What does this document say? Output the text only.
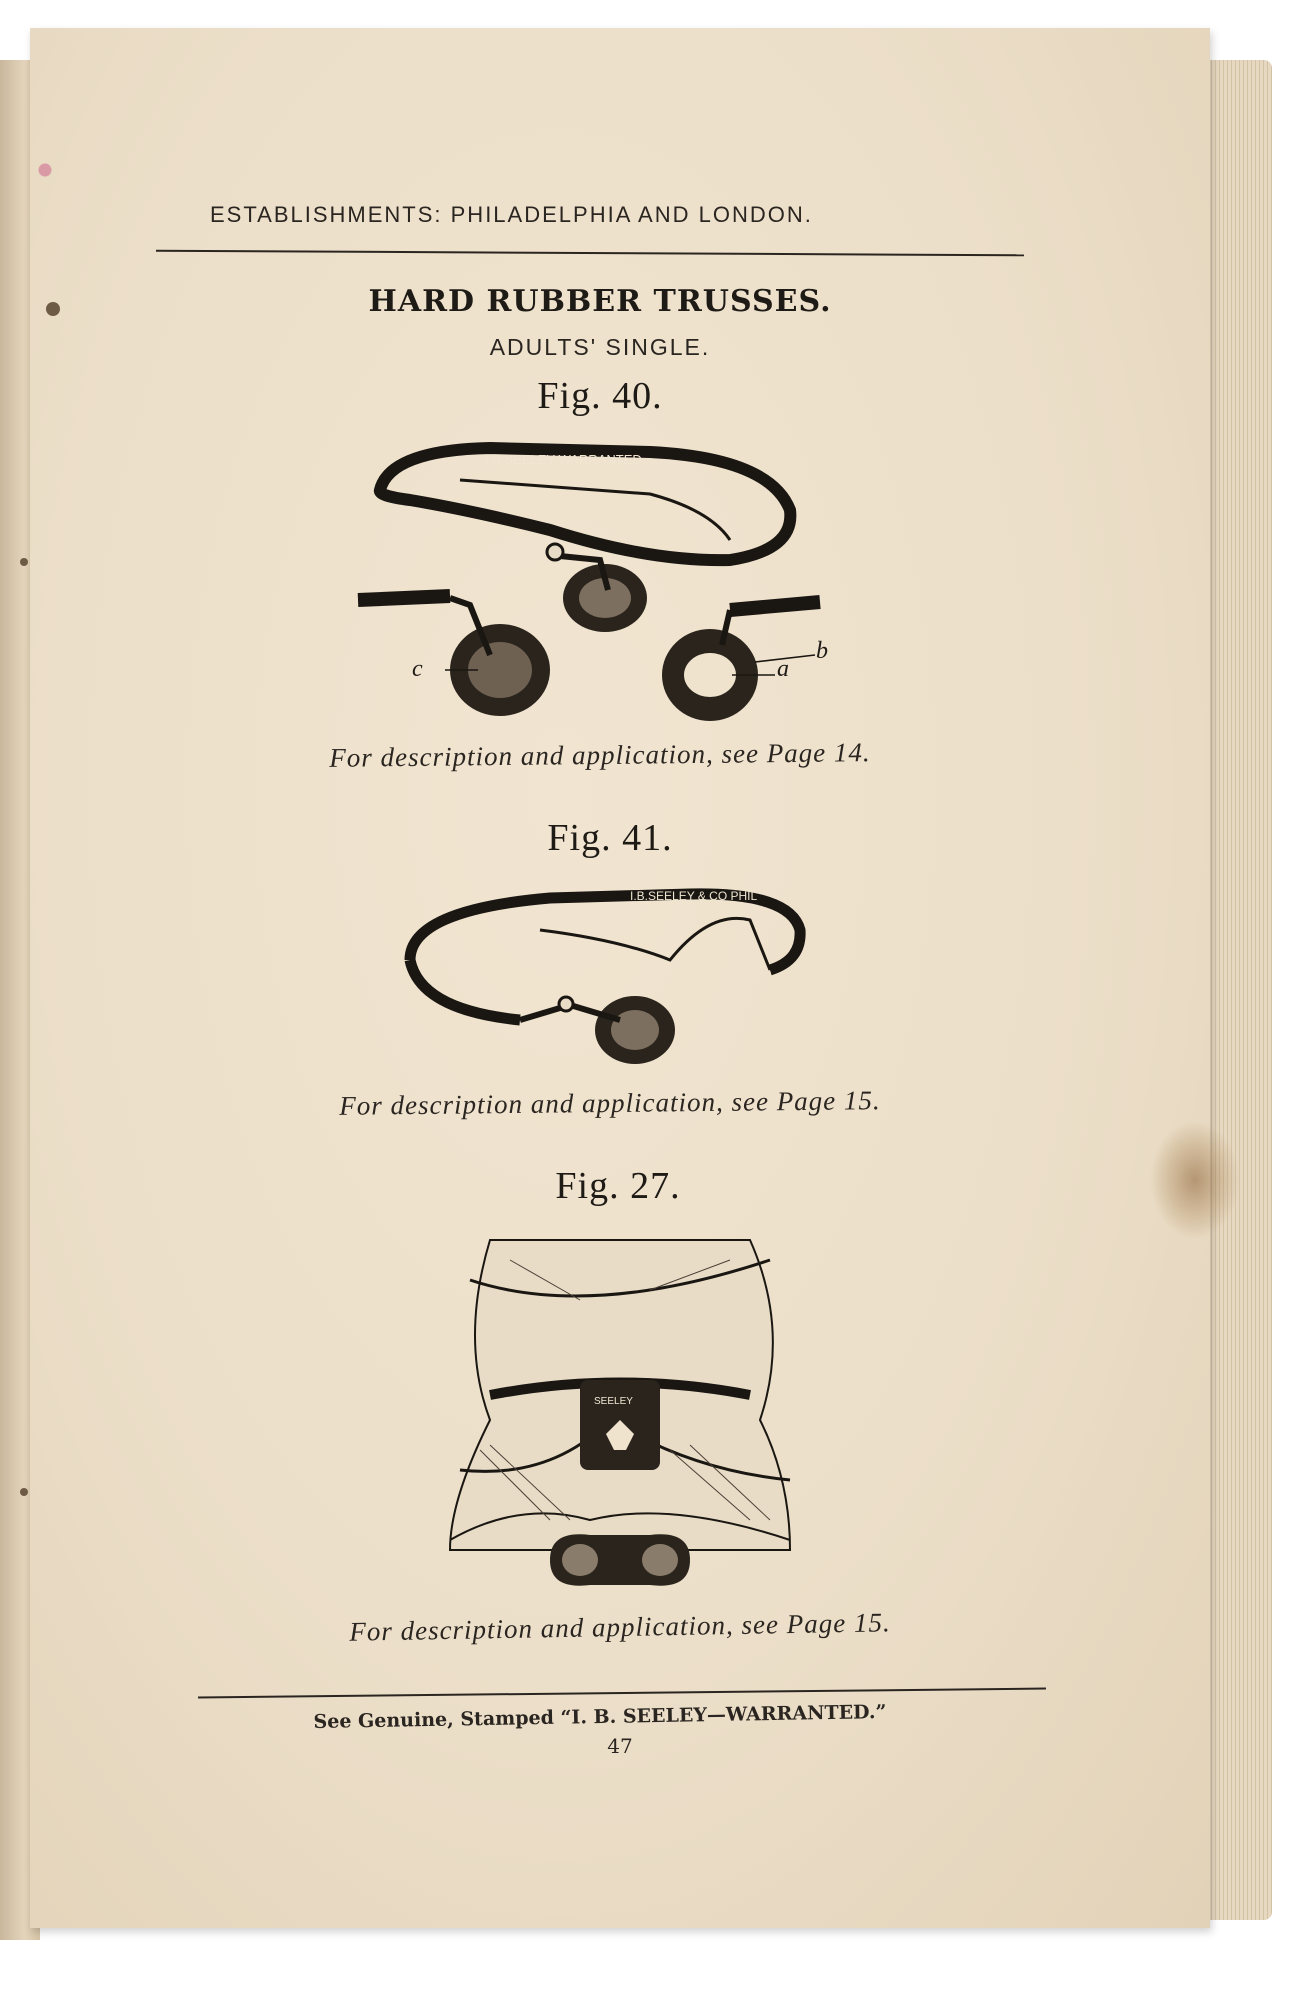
ESTABLISHMENTS: PHILADELPHIA AND LONDON.
HARD RUBBER TRUSSES.
ADULTS' SINGLE.
Fig. 40.
I.B.SEELEY WARRANTED
c	a
b
For description and application, see Page 14.
Fig. 41.
I.B.SEELEY & CO PHIL
For description and application, see Page 15.
Fig. 27.
SEELEY
For description and application, see Page 15.
See Genuine, Stamped “I. B. SEELEY—WARRANTED.”
47
